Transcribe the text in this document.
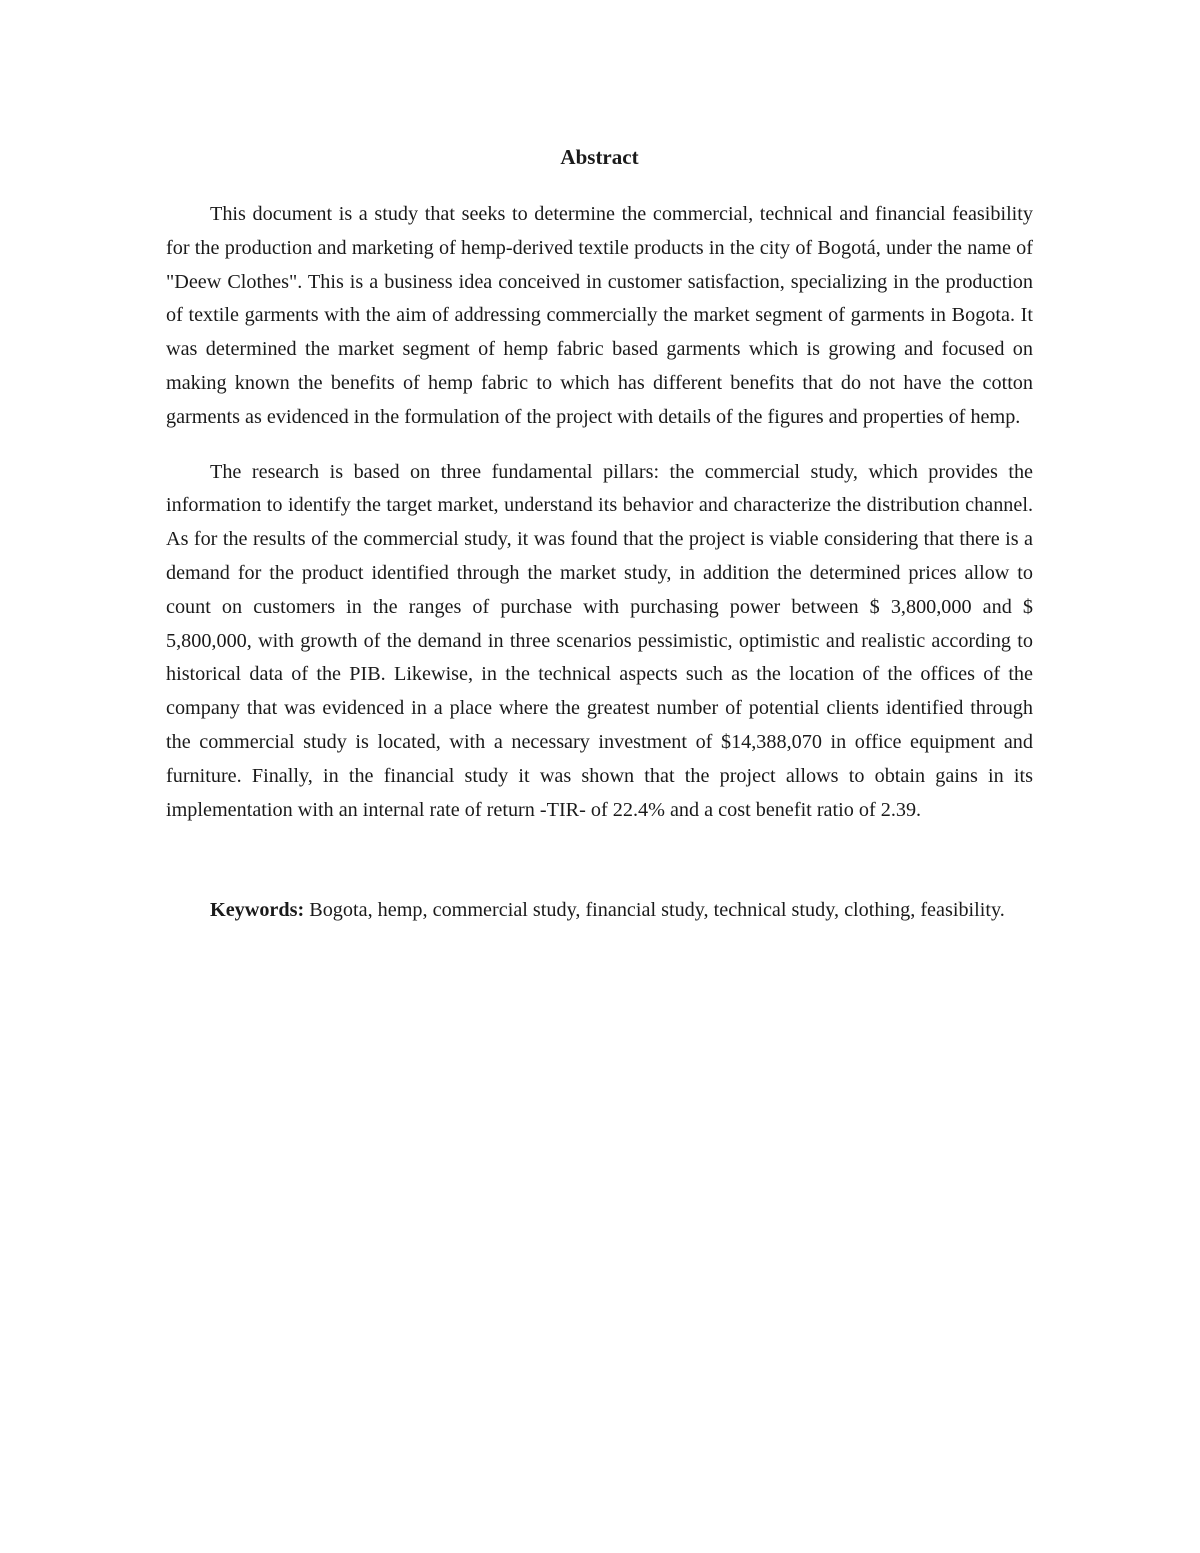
Abstract

This document is a study that seeks to determine the commercial, technical and financial feasibility for the production and marketing of hemp-derived textile products in the city of Bogotá, under the name of "Deew Clothes". This is a business idea conceived in customer satisfaction, specializing in the production of textile garments with the aim of addressing commercially the market segment of garments in Bogota. It was determined the market segment of hemp fabric based garments which is growing and focused on making known the benefits of hemp fabric to which has different benefits that do not have the cotton garments as evidenced in the formulation of the project with details of the figures and properties of hemp.

The research is based on three fundamental pillars: the commercial study, which provides the information to identify the target market, understand its behavior and characterize the distribution channel. As for the results of the commercial study, it was found that the project is viable considering that there is a demand for the product identified through the market study, in addition the determined prices allow to count on customers in the ranges of purchase with purchasing power between $ 3,800,000 and $ 5,800,000, with growth of the demand in three scenarios pessimistic, optimistic and realistic according to historical data of the PIB. Likewise, in the technical aspects such as the location of the offices of the company that was evidenced in a place where the greatest number of potential clients identified through the commercial study is located, with a necessary investment of $14,388,070 in office equipment and furniture. Finally, in the financial study it was shown that the project allows to obtain gains in its implementation with an internal rate of return -TIR- of 22.4% and a cost benefit ratio of 2.39.

Keywords: Bogota, hemp, commercial study, financial study, technical study, clothing, feasibility.
